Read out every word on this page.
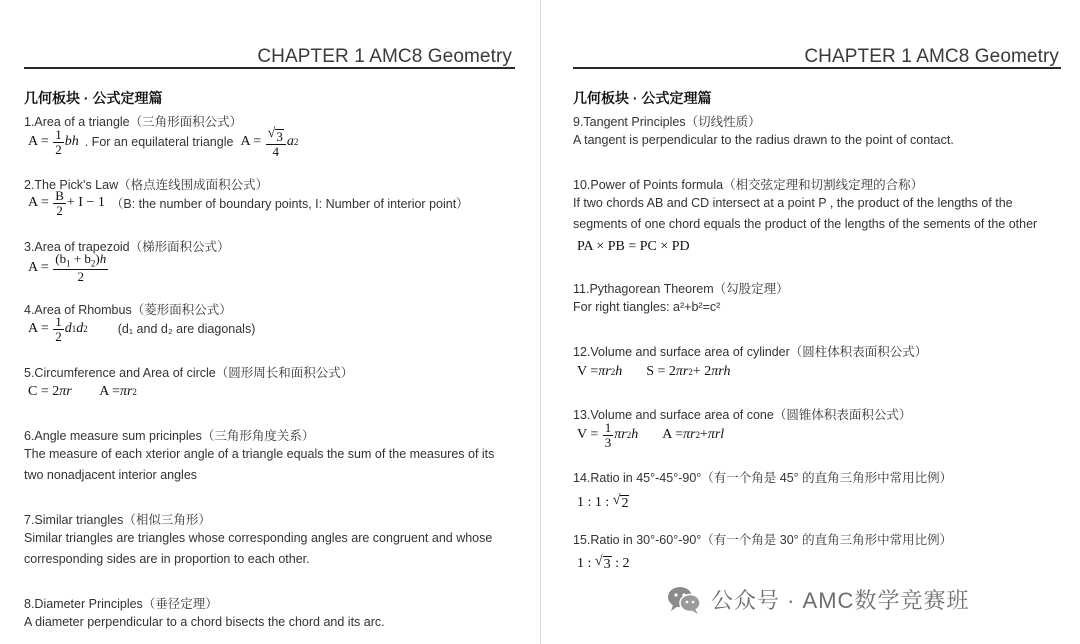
CHAPTER 1 AMC8 Geometry
几何板块 · 公式定理篇
1.Area of a triangle（三角形面积公式）
$A = \frac{1}{2}$ bh . For an equilateral triangle $A = \frac{√ 3}{4}$ a 2
2.The Pick's Law（格点连线围成面积公式）
$A = \frac{B}{2} + I - 1$ （B: the number of boundary points, I: Number of interior point）
3.Area of trapezoid（梯形面积公式）
$A = \frac{(b_1 + b_2)h}{2}$
4.Area of Rhombus（菱形面积公式）
$A = \frac{1}{2}$ d 1 d 2 (d₁ and d₂ are diagonals)
5.Circumference and Area of circle（圆形周长和面积公式）
C = 2 πr A = πr 2
6.Angle measure sum pricinples（三角形角度关系）
The measure of each xterior angle of a triangle equals the sum of the measures of its
two nonadjacent interior angles
7.Similar triangles（相似三角形）
Similar triangles are triangles whose corresponding angles are congruent and whose
corresponding sides are in proportion to each other.
8.Diameter Principles（垂径定理）
A diameter perpendicular to a chord bisects the chord and its arc.
CHAPTER 1 AMC8 Geometry
几何板块 · 公式定理篇
9.Tangent Principles（切线性质）
A tangent is perpendicular to the radius drawn to the point of contact.
10.Power of Points formula（相交弦定理和切割线定理的合称）
If two chords AB and CD intersect at a point P , the product of the lengths of the
segments of one chord equals the product of the lengths of the sements of the other
PA × PB = PC × PD
11.Pythagorean Theorem（勾股定理）
For right tiangles: a²+b²=c²
12.Volume and surface area of cylinder（圆柱体积表面积公式）
V = πr 2 h S = 2 πr 2 + 2 πrh
13.Volume and surface area of cone（圆锥体积表面积公式）
$V = \frac{1}{3}$ πr 2 h A = πr 2 + πrl
14.Ratio in 45°-45°-90°（有一个角是 45° 的直角三角形中常用比例）
1 : 1 : √ 2
15.Ratio in 30°-60°-90°（有一个角是 30° 的直角三角形中常用比例）
1 : √ 3 : 2
公众号 · AMC数学竞赛班
